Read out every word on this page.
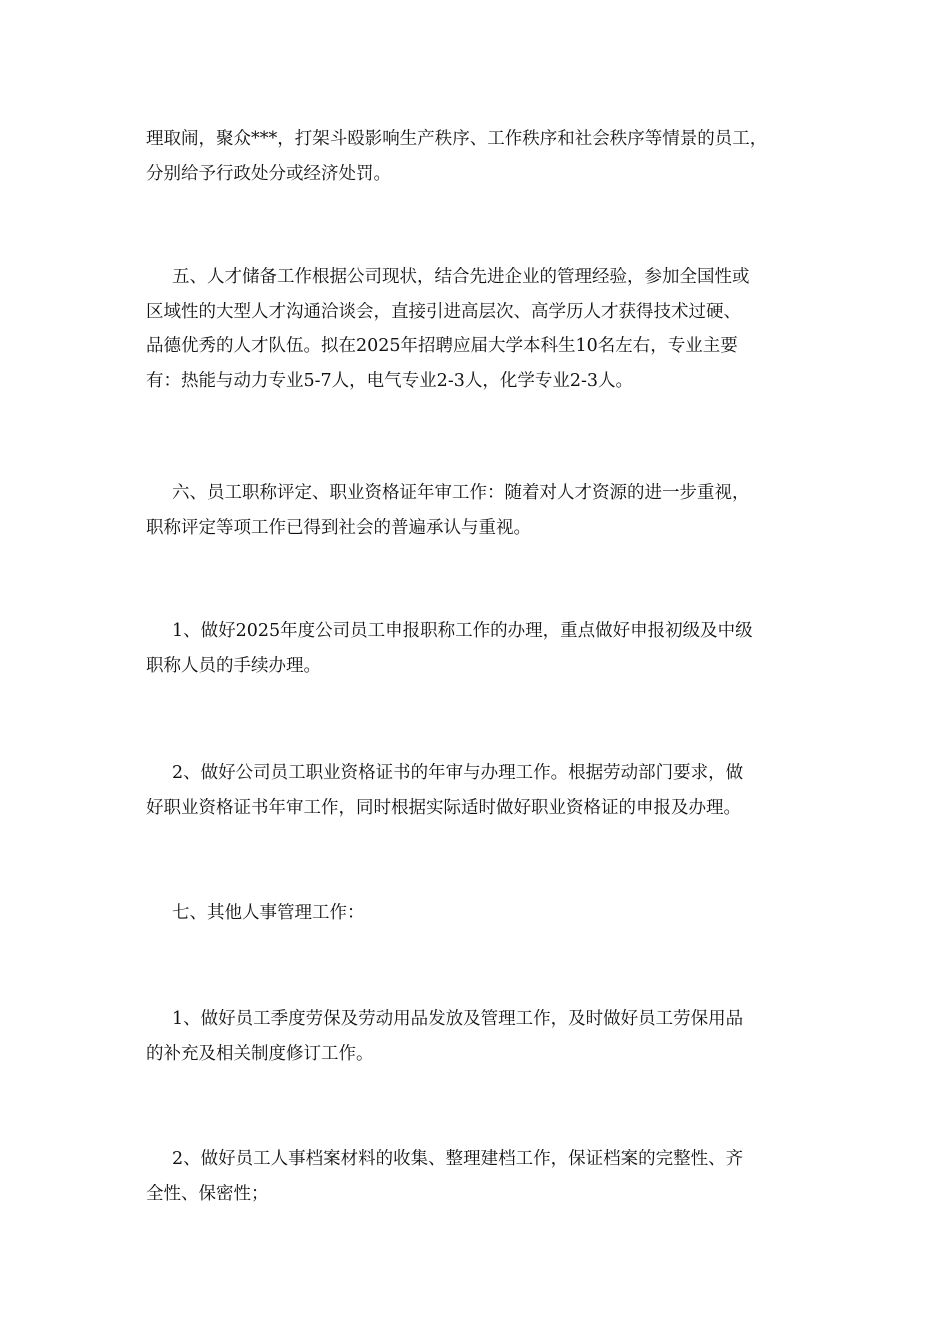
理取闹，聚众***，打架斗殴影响生产秩序、工作秩序和社会秩序等情景的员工，
分别给予行政处分或经济处罚。

五、人才储备工作根据公司现状，结合先进企业的管理经验，参加全国性或
区域性的大型人才沟通洽谈会，直接引进高层次、高学历人才获得技术过硬、
品德优秀的人才队伍。拟在2025年招聘应届大学本科生10名左右，专业主要
有：热能与动力专业5-7人，电气专业2-3人，化学专业2-3人。

六、员工职称评定、职业资格证年审工作：随着对人才资源的进一步重视，
职称评定等项工作已得到社会的普遍承认与重视。

1、做好2025年度公司员工申报职称工作的办理，重点做好申报初级及中级
职称人员的手续办理。

2、做好公司员工职业资格证书的年审与办理工作。根据劳动部门要求，做
好职业资格证书年审工作，同时根据实际适时做好职业资格证的申报及办理。

七、其他人事管理工作：

1、做好员工季度劳保及劳动用品发放及管理工作，及时做好员工劳保用品
的补充及相关制度修订工作。

2、做好员工人事档案材料的收集、整理建档工作，保证档案的完整性、齐
全性、保密性；
